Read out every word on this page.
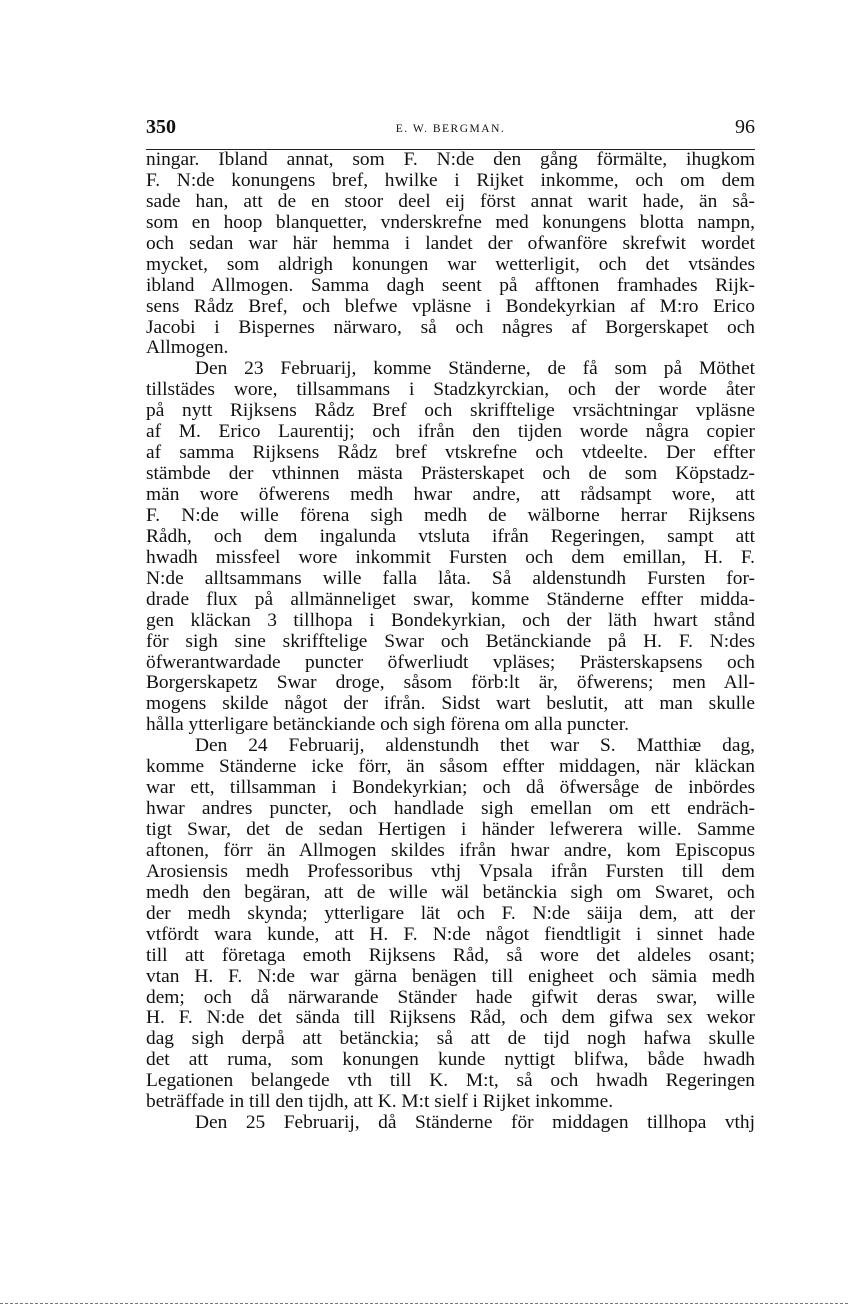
350	E. W. BERGMAN.	96
ningar. Ibland annat, som F. N:de den gång förmälte, ihugkom
F. N:de konungens bref, hwilke i Rijket inkomme, och om dem
sade han, att de en stoor deel eij först annat warit hade, än så-
som en hoop blanquetter, vnderskrefne med konungens blotta nampn,
och sedan war här hemma i landet der ofwanföre skrefwit wordet
mycket, som aldrigh konungen war wetterligit, och det vtsändes
ibland Allmogen. Samma dagh seent på afftonen framhades Rijk-
sens Rådz Bref, och blefwe vpläsne i Bondekyrkian af M:ro Erico
Jacobi i Bispernes närwaro, så och någres af Borgerskapet och
Allmogen.
Den 23 Februarij, komme Ständerne, de få som på Möthet
tillstädes wore, tillsammans i Stadzkyrckian, och der worde åter
på nytt Rijksens Rådz Bref och skrifftelige vrsächtningar vpläsne
af M. Erico Laurentij; och ifrån den tijden worde några copier
af samma Rijksens Rådz bref vtskrefne och vtdeelte. Der effter
stämbde der vthinnen mästa Prästerskapet och de som Köpstadz-
män wore öfwerens medh hwar andre, att rådsampt wore, att
F. N:de wille förena sigh medh de wälborne herrar Rijksens
Rådh, och dem ingalunda vtsluta ifrån Regeringen, sampt att
hwadh missfeel wore inkommit Fursten och dem emillan, H. F.
N:de alltsammans wille falla låta. Så aldenstundh Fursten for-
drade flux på allmänneliget swar, komme Ständerne effter midda-
gen kläckan 3 tillhopa i Bondekyrkian, och der läth hwart stånd
för sigh sine skrifftelige Swar och Betänckiande på H. F. N:des
öfwerantwardade puncter öfwerliudt vpläses; Prästerskapsens och
Borgerskapetz Swar droge, såsom förb:lt är, öfwerens; men All-
mogens skilde något der ifrån. Sidst wart beslutit, att man skulle
hålla ytterligare betänckiande och sigh förena om alla puncter.
Den 24 Februarij, aldenstundh thet war S. Matthiæ dag,
komme Ständerne icke förr, än såsom effter middagen, när kläckan
war ett, tillsamman i Bondekyrkian; och då öfwersåge de inbördes
hwar andres puncter, och handlade sigh emellan om ett endräch-
tigt Swar, det de sedan Hertigen i händer lefwerera wille. Samme
aftonen, förr än Allmogen skildes ifrån hwar andre, kom Episcopus
Arosiensis medh Professoribus vthj Vpsala ifrån Fursten till dem
medh den begäran, att de wille wäl betänckia sigh om Swaret, och
der medh skynda; ytterligare lät och F. N:de säija dem, att der
vtfördt wara kunde, att H. F. N:de något fiendtligit i sinnet hade
till att företaga emoth Rijksens Råd, så wore det aldeles osant;
vtan H. F. N:de war gärna benägen till enigheet och sämia medh
dem; och då närwarande Ständer hade gifwit deras swar, wille
H. F. N:de det sända till Rijksens Råd, och dem gifwa sex wekor
dag sigh derpå att betänckia; så att de tijd nogh hafwa skulle
det att ruma, som konungen kunde nyttigt blifwa, både hwadh
Legationen belangede vth till K. M:t, så och hwadh Regeringen
beträffade in till den tijdh, att K. M:t sielf i Rijket inkomme.
Den 25 Februarij, då Ständerne för middagen tillhopa vthj
